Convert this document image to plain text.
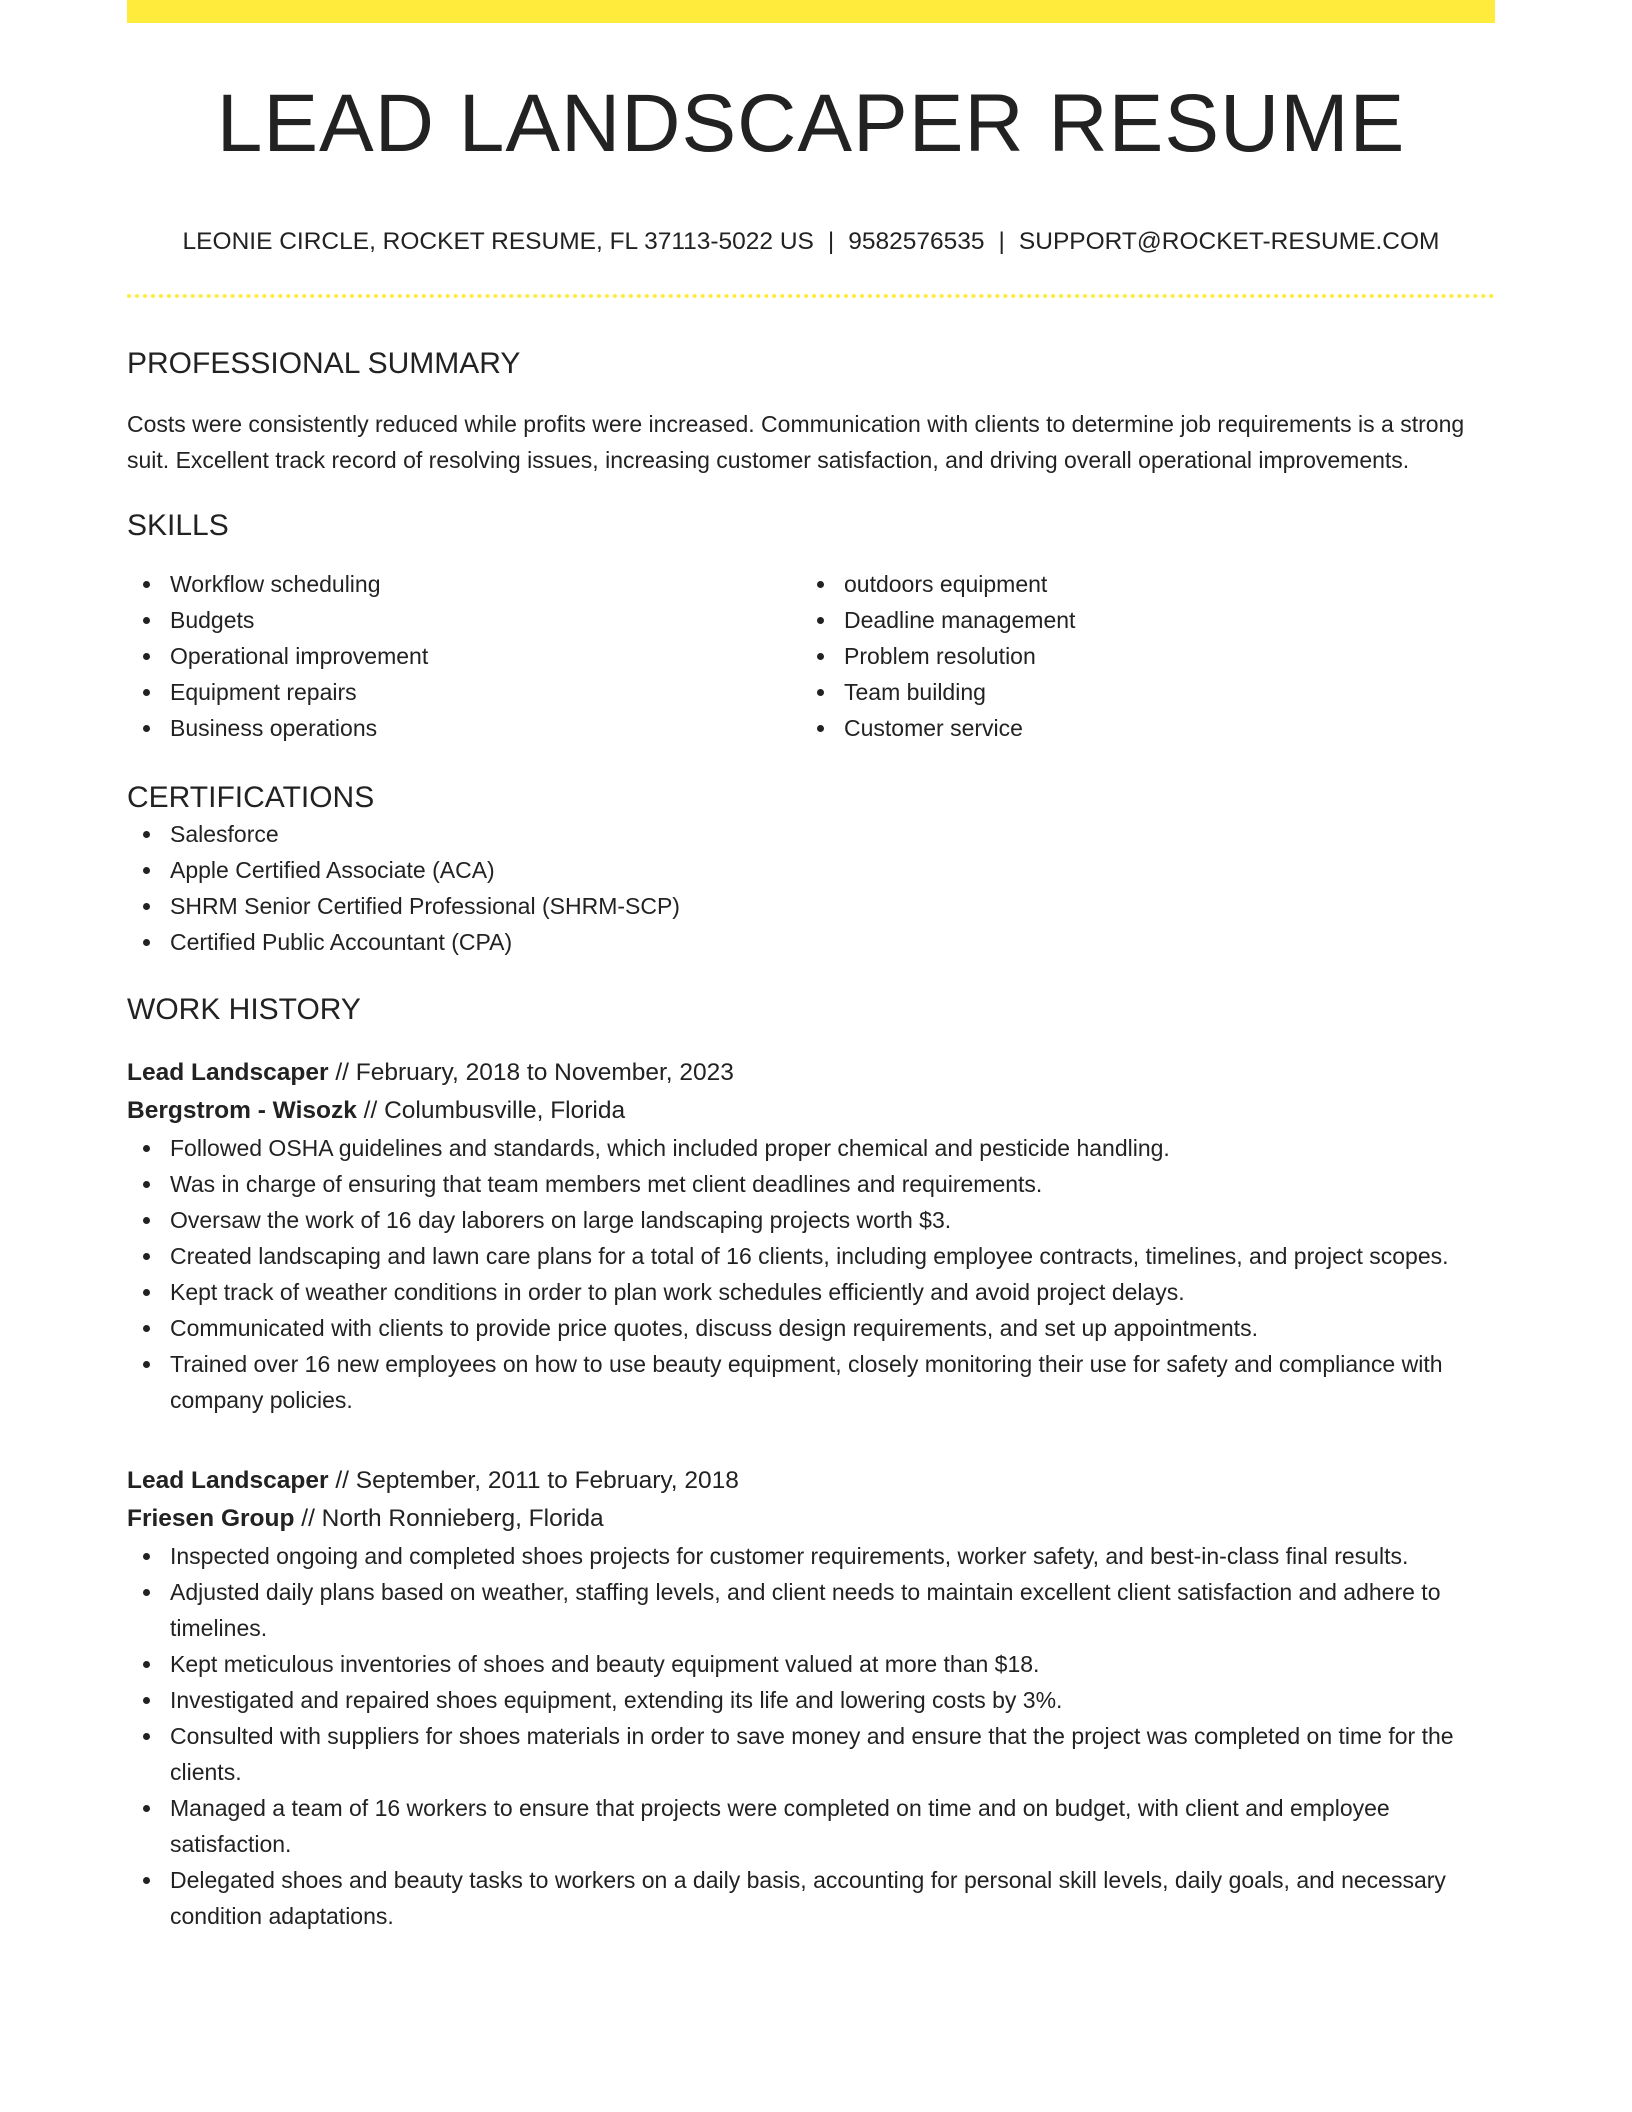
LEAD LANDSCAPER RESUME
LEONIE CIRCLE, ROCKET RESUME, FL 37113-5022 US | 9582576535 | SUPPORT@ROCKET-RESUME.COM
PROFESSIONAL SUMMARY
Costs were consistently reduced while profits were increased. Communication with clients to determine job requirements is a strong suit. Excellent track record of resolving issues, increasing customer satisfaction, and driving overall operational improvements.
SKILLS
Workflow scheduling
Budgets
Operational improvement
Equipment repairs
Business operations
outdoors equipment
Deadline management
Problem resolution
Team building
Customer service
CERTIFICATIONS
Salesforce
Apple Certified Associate (ACA)
SHRM Senior Certified Professional (SHRM-SCP)
Certified Public Accountant (CPA)
WORK HISTORY
Lead Landscaper // February, 2018 to November, 2023
Bergstrom - Wisozk // Columbusville, Florida
Followed OSHA guidelines and standards, which included proper chemical and pesticide handling.
Was in charge of ensuring that team members met client deadlines and requirements.
Oversaw the work of 16 day laborers on large landscaping projects worth $3.
Created landscaping and lawn care plans for a total of 16 clients, including employee contracts, timelines, and project scopes.
Kept track of weather conditions in order to plan work schedules efficiently and avoid project delays.
Communicated with clients to provide price quotes, discuss design requirements, and set up appointments.
Trained over 16 new employees on how to use beauty equipment, closely monitoring their use for safety and compliance with company policies.
Lead Landscaper // September, 2011 to February, 2018
Friesen Group // North Ronnieberg, Florida
Inspected ongoing and completed shoes projects for customer requirements, worker safety, and best-in-class final results.
Adjusted daily plans based on weather, staffing levels, and client needs to maintain excellent client satisfaction and adhere to timelines.
Kept meticulous inventories of shoes and beauty equipment valued at more than $18.
Investigated and repaired shoes equipment, extending its life and lowering costs by 3%.
Consulted with suppliers for shoes materials in order to save money and ensure that the project was completed on time for the clients.
Managed a team of 16 workers to ensure that projects were completed on time and on budget, with client and employee satisfaction.
Delegated shoes and beauty tasks to workers on a daily basis, accounting for personal skill levels, daily goals, and necessary condition adaptations.
